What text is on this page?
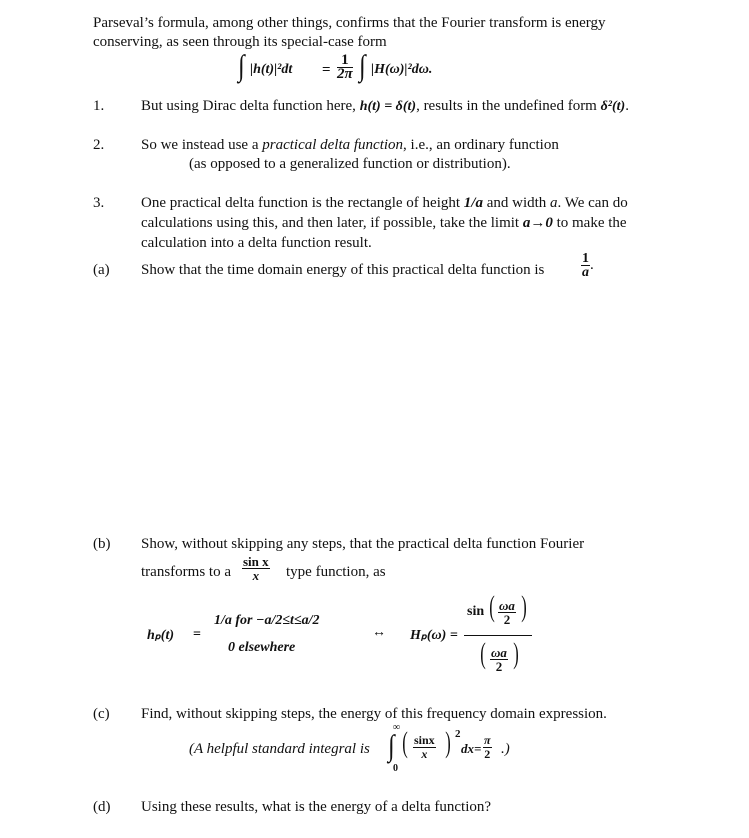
Parseval’s formula, among other things, confirms that the Fourier transform is energy
conserving, as seen through its special-case form
∫ $|h(t)|^2dt = \frac{1}{2\pi}$ ∫ |H(ω)|²dω.
1. But using Dirac delta function here, h(t) = δ(t), results in the undefined form δ²(t).
2. So we instead use a practical delta function, i.e., an ordinary function
(as opposed to a generalized function or distribution).
3. One practical delta function is the rectangle of height 1/a and width a. We can do
calculations using this, and then later, if possible, take the limit a→0 to make the
calculation into a delta function result.
(a) Show that the time domain energy of this practical delta function is	$\frac{1}{a}$ .
(b) Show, without skipping any steps, that the practical delta function Fourier
transforms to a $\frac{\text{sin x}}{x}$ type function, as
hₚ(t) =
1/a for −a/2≤t≤a/2
0 elsewhere
↔ Hₚ(ω) =
sin ( $\frac{\omega a}{2}$ )
( $\frac{\omega a}{2}$ )
(c) Find, without skipping steps, the energy of this frequency domain expression.
(A helpful standard integral is
∞
∫
0
( $\frac{\sin x}{x}$ ) 2
$dx= \frac{\pi}{2}$ .)
(d) Using these results, what is the energy of a delta function?
